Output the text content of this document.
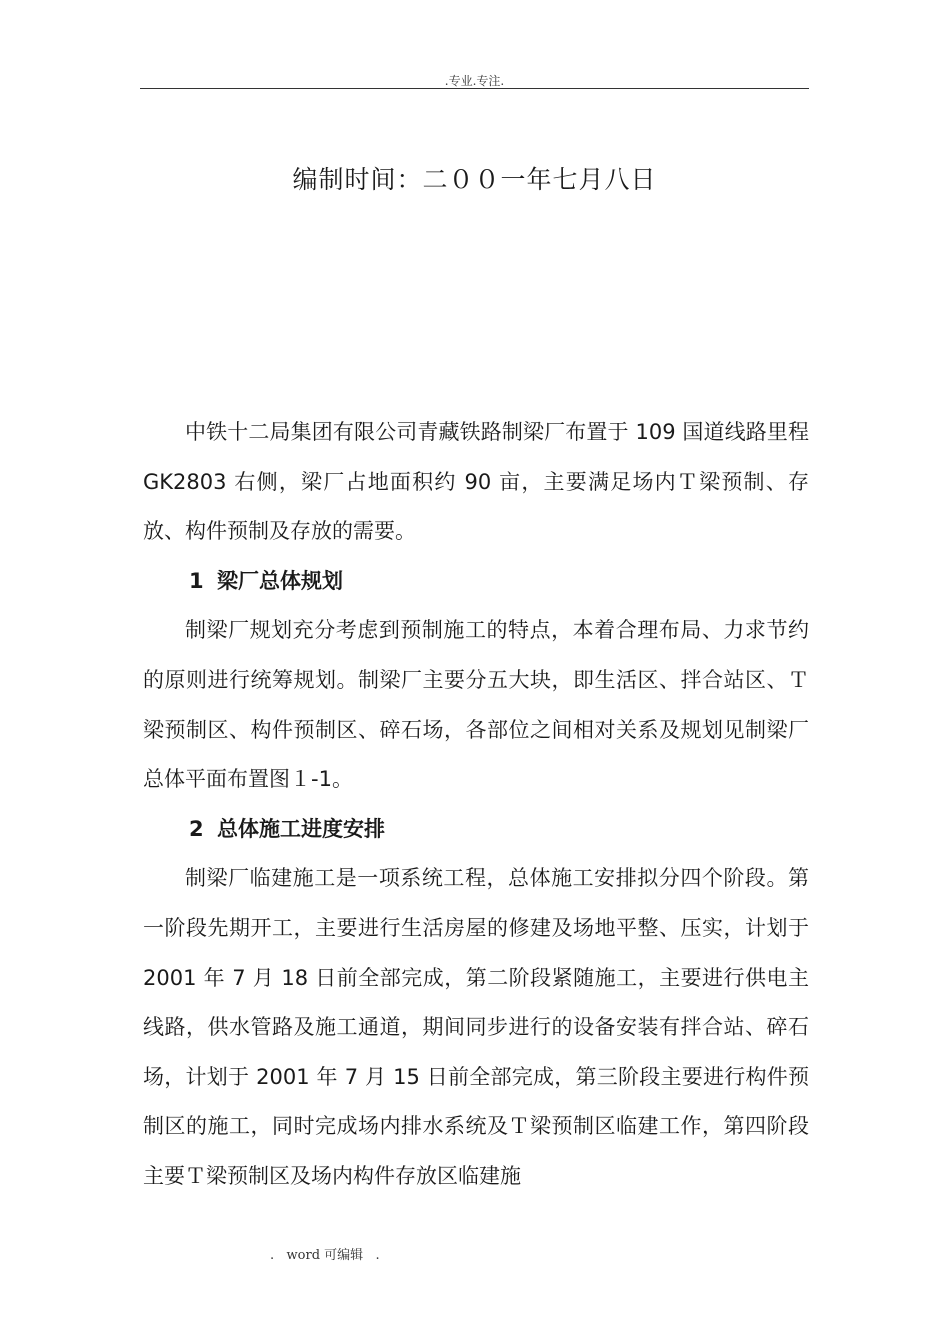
.专业.专注.
编制时间：二００一年七月八日

中铁十二局集团有限公司青藏铁路制梁厂布置于 109 国道线路里程 GK2803 右侧，梁厂占地面积约 90 亩，主要满足场内Ｔ梁预制、存放、构件预制及存放的需要。

1 梁厂总体规划

制梁厂规划充分考虑到预制施工的特点，本着合理布局、力求节约的原则进行统筹规划。制梁厂主要分五大块，即生活区、拌合站区、Ｔ梁预制区、构件预制区、碎石场，各部位之间相对关系及规划见制梁厂总体平面布置图１-1。

2 总体施工进度安排

制梁厂临建施工是一项系统工程，总体施工安排拟分四个阶段。第一阶段先期开工，主要进行生活房屋的修建及场地平整、压实，计划于 2001 年 7 月 18 日前全部完成，第二阶段紧随施工，主要进行供电主线路，供水管路及施工通道，期间同步进行的设备安装有拌合站、碎石场，计划于 2001 年 7 月 15 日前全部完成，第三阶段主要进行构件预制区的施工，同时完成场内排水系统及Ｔ梁预制区临建工作，第四阶段主要Ｔ梁预制区及场内构件存放区临建施

.   word 可编辑   .
